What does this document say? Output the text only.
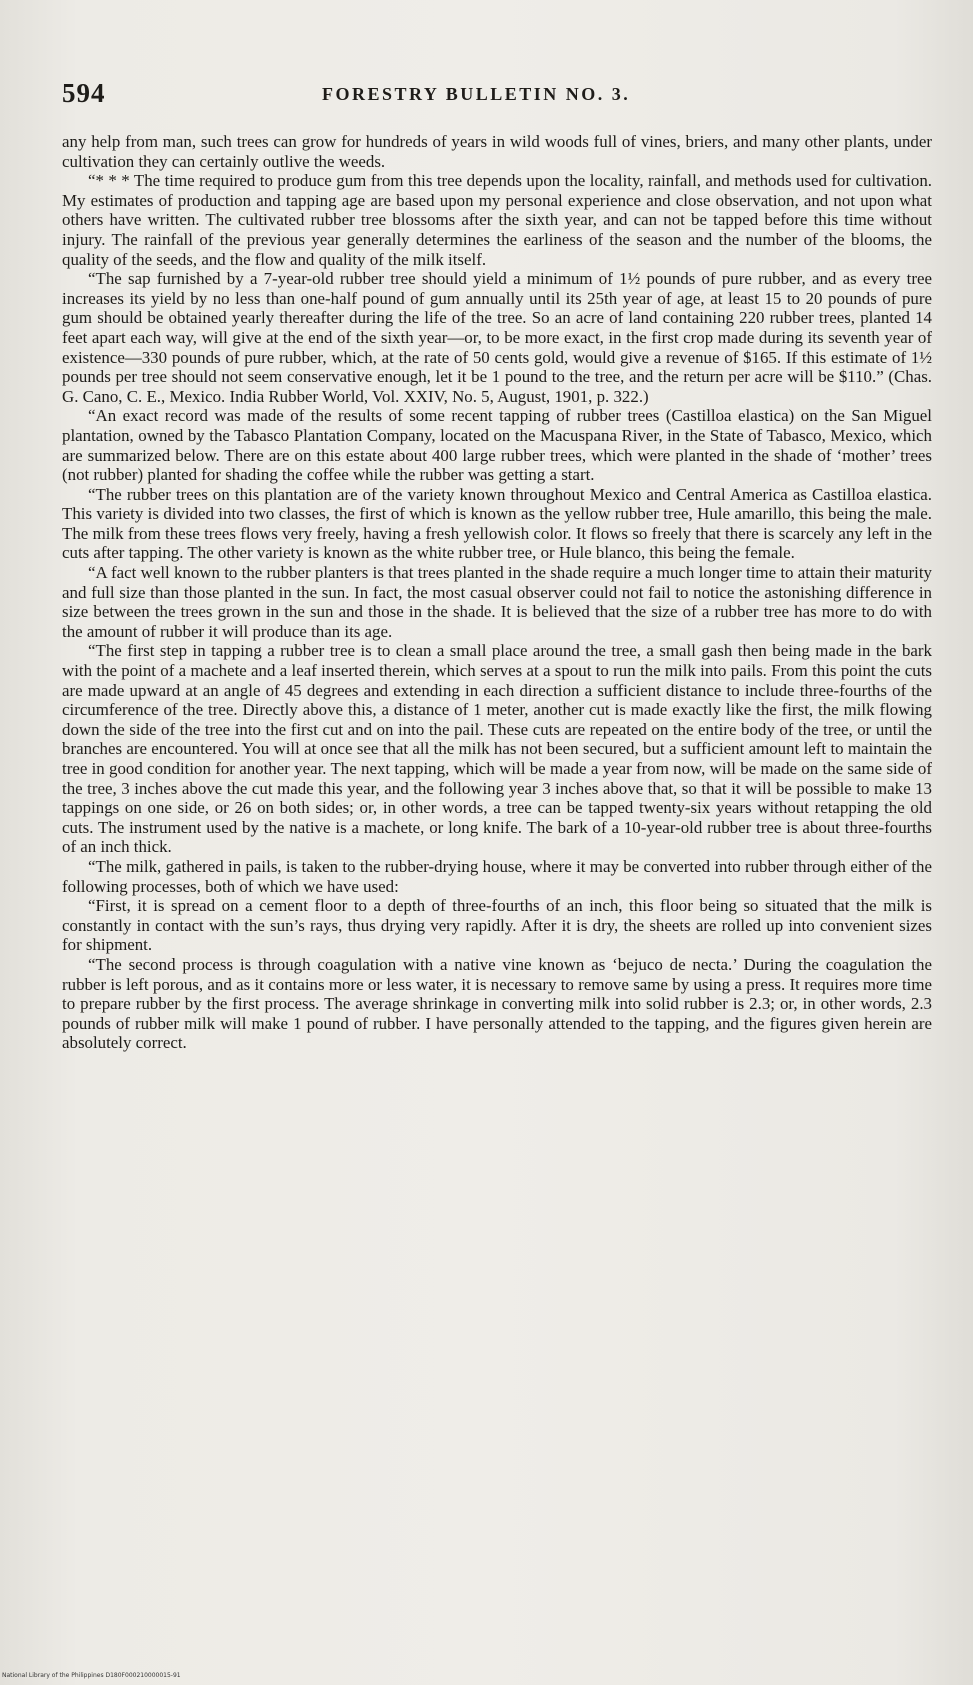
594	FORESTRY BULLETIN NO. 3.

any help from man, such trees can grow for hundreds of years in wild woods full of vines, briers, and many other plants, under cultivation they can certainly outlive the weeds.

“* * * The time required to produce gum from this tree depends upon the locality, rainfall, and methods used for cultivation. My estimates of production and tapping age are based upon my personal experience and close observation, and not upon what others have written. The cultivated rubber tree blossoms after the sixth year, and can not be tapped before this time without injury. The rainfall of the previous year generally determines the earliness of the season and the number of the blooms, the quality of the seeds, and the flow and quality of the milk itself.

“The sap furnished by a 7-year-old rubber tree should yield a minimum of 1½ pounds of pure rubber, and as every tree increases its yield by no less than one-half pound of gum annually until its 25th year of age, at least 15 to 20 pounds of pure gum should be obtained yearly thereafter during the life of the tree. So an acre of land containing 220 rubber trees, planted 14 feet apart each way, will give at the end of the sixth year—or, to be more exact, in the first crop made during its seventh year of existence—330 pounds of pure rubber, which, at the rate of 50 cents gold, would give a revenue of $165. If this estimate of 1½ pounds per tree should not seem conservative enough, let it be 1 pound to the tree, and the return per acre will be $110.” (Chas. G. Cano, C. E., Mexico. India Rubber World, Vol. XXIV, No. 5, August, 1901, p. 322.)

“An exact record was made of the results of some recent tapping of rubber trees (Castilloa elastica) on the San Miguel plantation, owned by the Tabasco Plantation Company, located on the Macuspana River, in the State of Tabasco, Mexico, which are summarized below. There are on this estate about 400 large rubber trees, which were planted in the shade of ‘mother’ trees (not rubber) planted for shading the coffee while the rubber was getting a start.

“The rubber trees on this plantation are of the variety known throughout Mexico and Central America as Castilloa elastica. This variety is divided into two classes, the first of which is known as the yellow rubber tree, Hule amarillo, this being the male. The milk from these trees flows very freely, having a fresh yellowish color. It flows so freely that there is scarcely any left in the cuts after tapping. The other variety is known as the white rubber tree, or Hule blanco, this being the female.

“A fact well known to the rubber planters is that trees planted in the shade require a much longer time to attain their maturity and full size than those planted in the sun. In fact, the most casual observer could not fail to notice the astonishing difference in size between the trees grown in the sun and those in the shade. It is believed that the size of a rubber tree has more to do with the amount of rubber it will produce than its age.

“The first step in tapping a rubber tree is to clean a small place around the tree, a small gash then being made in the bark with the point of a machete and a leaf inserted therein, which serves at a spout to run the milk into pails. From this point the cuts are made upward at an angle of 45 degrees and extending in each direction a sufficient distance to include three-fourths of the circumference of the tree. Directly above this, a distance of 1 meter, another cut is made exactly like the first, the milk flowing down the side of the tree into the first cut and on into the pail. These cuts are repeated on the entire body of the tree, or until the branches are encountered. You will at once see that all the milk has not been secured, but a sufficient amount left to maintain the tree in good condition for another year. The next tapping, which will be made a year from now, will be made on the same side of the tree, 3 inches above the cut made this year, and the following year 3 inches above that, so that it will be possible to make 13 tappings on one side, or 26 on both sides; or, in other words, a tree can be tapped twenty-six years without retapping the old cuts. The instrument used by the native is a machete, or long knife. The bark of a 10-year-old rubber tree is about three-fourths of an inch thick.

“The milk, gathered in pails, is taken to the rubber-drying house, where it may be converted into rubber through either of the following processes, both of which we have used:

“First, it is spread on a cement floor to a depth of three-fourths of an inch, this floor being so situated that the milk is constantly in contact with the sun’s rays, thus drying very rapidly. After it is dry, the sheets are rolled up into convenient sizes for shipment.

“The second process is through coagulation with a native vine known as ‘bejuco de necta.’ During the coagulation the rubber is left porous, and as it contains more or less water, it is necessary to remove same by using a press. It requires more time to prepare rubber by the first process. The average shrinkage in converting milk into solid rubber is 2.3; or, in other words, 2.3 pounds of rubber milk will make 1 pound of rubber. I have personally attended to the tapping, and the figures given herein are absolutely correct.

National Library of the Philippines D180F000210000015-91
